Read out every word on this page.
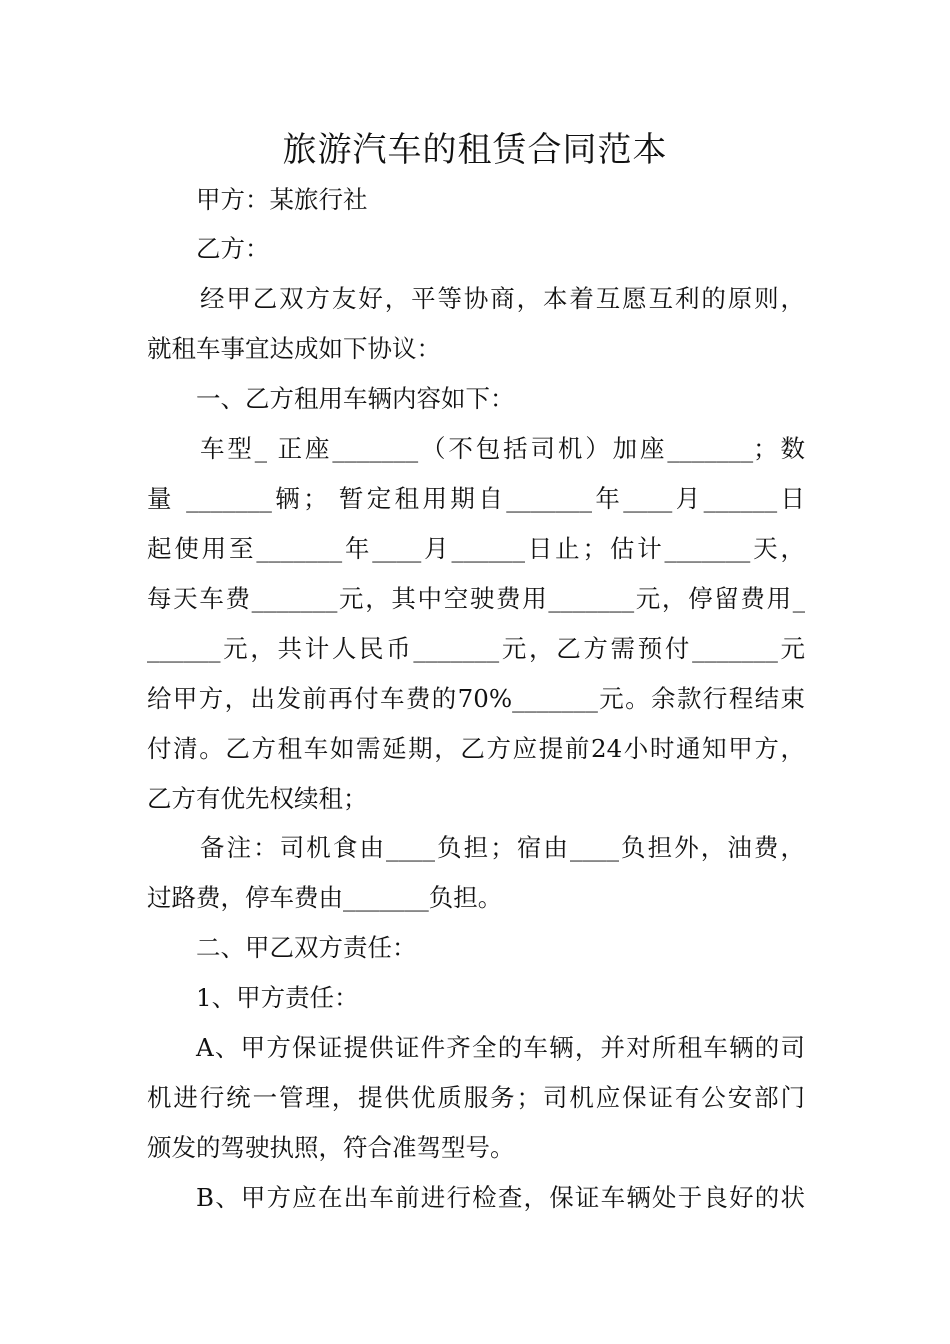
旅游汽车的租赁合同范本
甲方：某旅行社
乙方：
经甲乙双方友好，平等协商，本着互愿互利的原则，
就租车事宜达成如下协议：
一、乙方租用车辆内容如下：
车型_ 正座_______（不包括司机）加座_______；数
量 _______辆； 暂定租用期自_______年____月______日
起使用至_______年____月______日止；估计_______天，
每天车费_______元，其中空驶费用_______元，停留费用_
______元，共计人民币_______元，乙方需预付_______元
给甲方，出发前再付车费的70%_______元。余款行程结束
付清。乙方租车如需延期，乙方应提前24小时通知甲方，
乙方有优先权续租；
备注：司机食由____负担；宿由____负担外，油费，
过路费，停车费由_______负担。
二、甲乙双方责任：
1、甲方责任：
A、甲方保证提供证件齐全的车辆，并对所租车辆的司
机进行统一管理，提供优质服务；司机应保证有公安部门
颁发的驾驶执照，符合准驾型号。
B、甲方应在出车前进行检查，保证车辆处于良好的状
